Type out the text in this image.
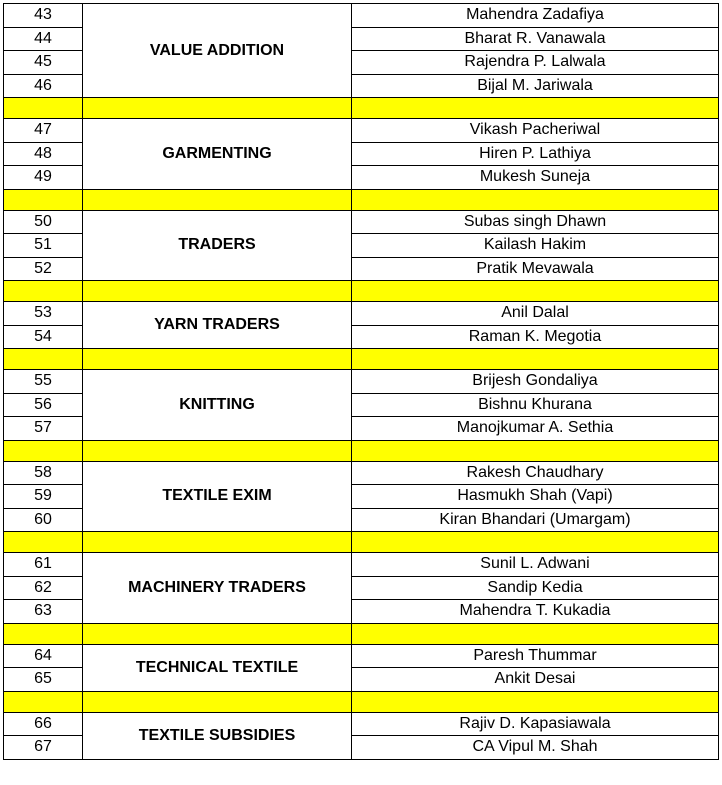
43	VALUE ADDITION	Mahendra Zadafiya
44		Bharat R. Vanawala
45		Rajendra P. Lalwala
46		Bijal M. Jariwala

47	GARMENTING	Vikash Pacheriwal
48		Hiren P. Lathiya
49		Mukesh Suneja

50	TRADERS	Subas singh Dhawn
51		Kailash Hakim
52		Pratik Mevawala

53	YARN TRADERS	Anil Dalal
54		Raman K. Megotia

55	KNITTING	Brijesh Gondaliya
56		Bishnu Khurana
57		Manojkumar A. Sethia

58	TEXTILE EXIM	Rakesh Chaudhary
59		Hasmukh Shah (Vapi)
60		Kiran Bhandari (Umargam)

61	MACHINERY TRADERS	Sunil L. Adwani
62		Sandip Kedia
63		Mahendra T. Kukadia

64	TECHNICAL TEXTILE	Paresh Thummar
65		Ankit Desai

66	TEXTILE SUBSIDIES	Rajiv D. Kapasiawala
67		CA Vipul M. Shah
